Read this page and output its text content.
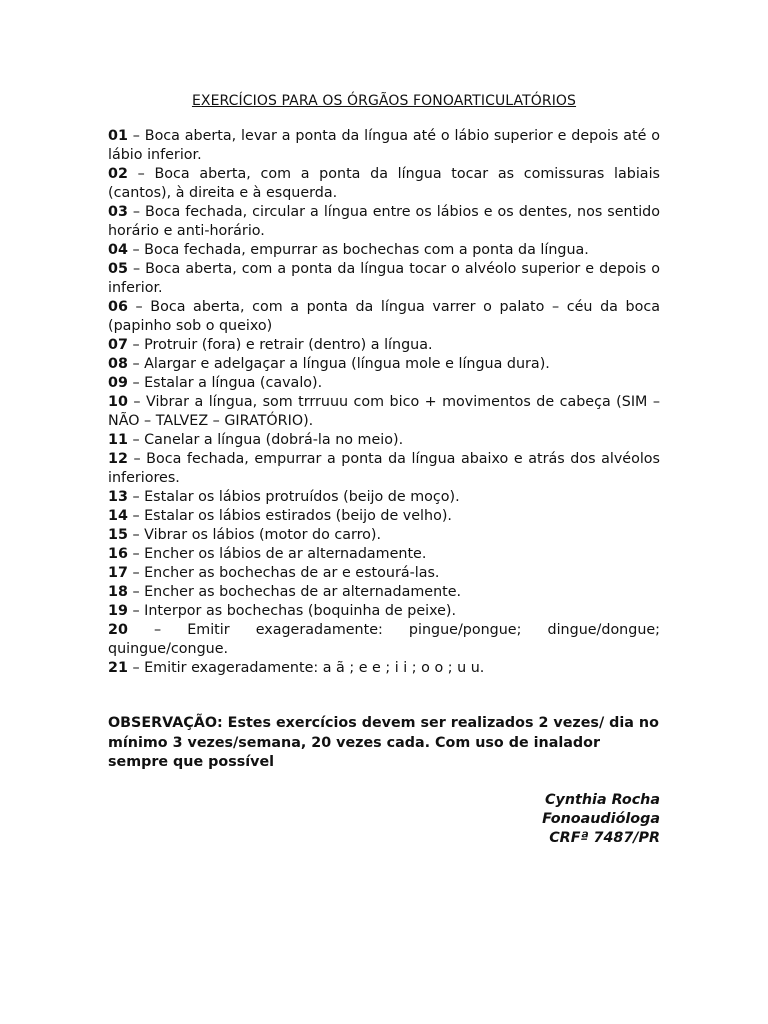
EXERCÍCIOS PARA OS ÓRGÃOS FONOARTICULATÓRIOS

01 – Boca aberta, levar a ponta da língua até o lábio superior e depois até o lábio inferior.

02 – Boca aberta, com a ponta da língua tocar as comissuras labiais (cantos), à direita e à esquerda.

03 – Boca fechada, circular a língua entre os lábios e os dentes, nos sentido horário e anti-horário.

04 – Boca fechada, empurrar as bochechas com a ponta da língua.

05 – Boca aberta, com a ponta da língua tocar o alvéolo superior e depois o inferior.

06 – Boca aberta, com a ponta da língua varrer o palato – céu da boca (papinho sob o queixo)

07 – Protruir (fora) e retrair (dentro) a língua.

08 – Alargar e adelgaçar a língua (língua mole e língua dura).

09 – Estalar a língua (cavalo).

10 – Vibrar a língua, som trrruuu com bico + movimentos de cabeça (SIM – NÃO – TALVEZ – GIRATÓRIO).

11 – Canelar a língua (dobrá-la no meio).

12 – Boca fechada, empurrar a ponta da língua abaixo e atrás dos alvéolos inferiores.

13 – Estalar os lábios protruídos (beijo de moço).

14 – Estalar os lábios estirados (beijo de velho).

15 – Vibrar os lábios (motor do carro).

16 – Encher os lábios de ar alternadamente.

17 – Encher as bochechas de ar e estourá-las.

18 – Encher as bochechas de ar alternadamente.

19 – Interpor as bochechas (boquinha de peixe).

20 – Emitir exageradamente: pingue/pongue; dingue/dongue; quingue/congue.

21 – Emitir exageradamente: a ã ; e e ; i i ; o o ; u u.

OBSERVAÇÃO: Estes exercícios devem ser realizados 2 vezes/ dia no mínimo 3 vezes/semana, 20 vezes cada. Com uso de inalador sempre que possível
Cynthia Rocha
Fonoaudióloga
CRFª 7487/PR
